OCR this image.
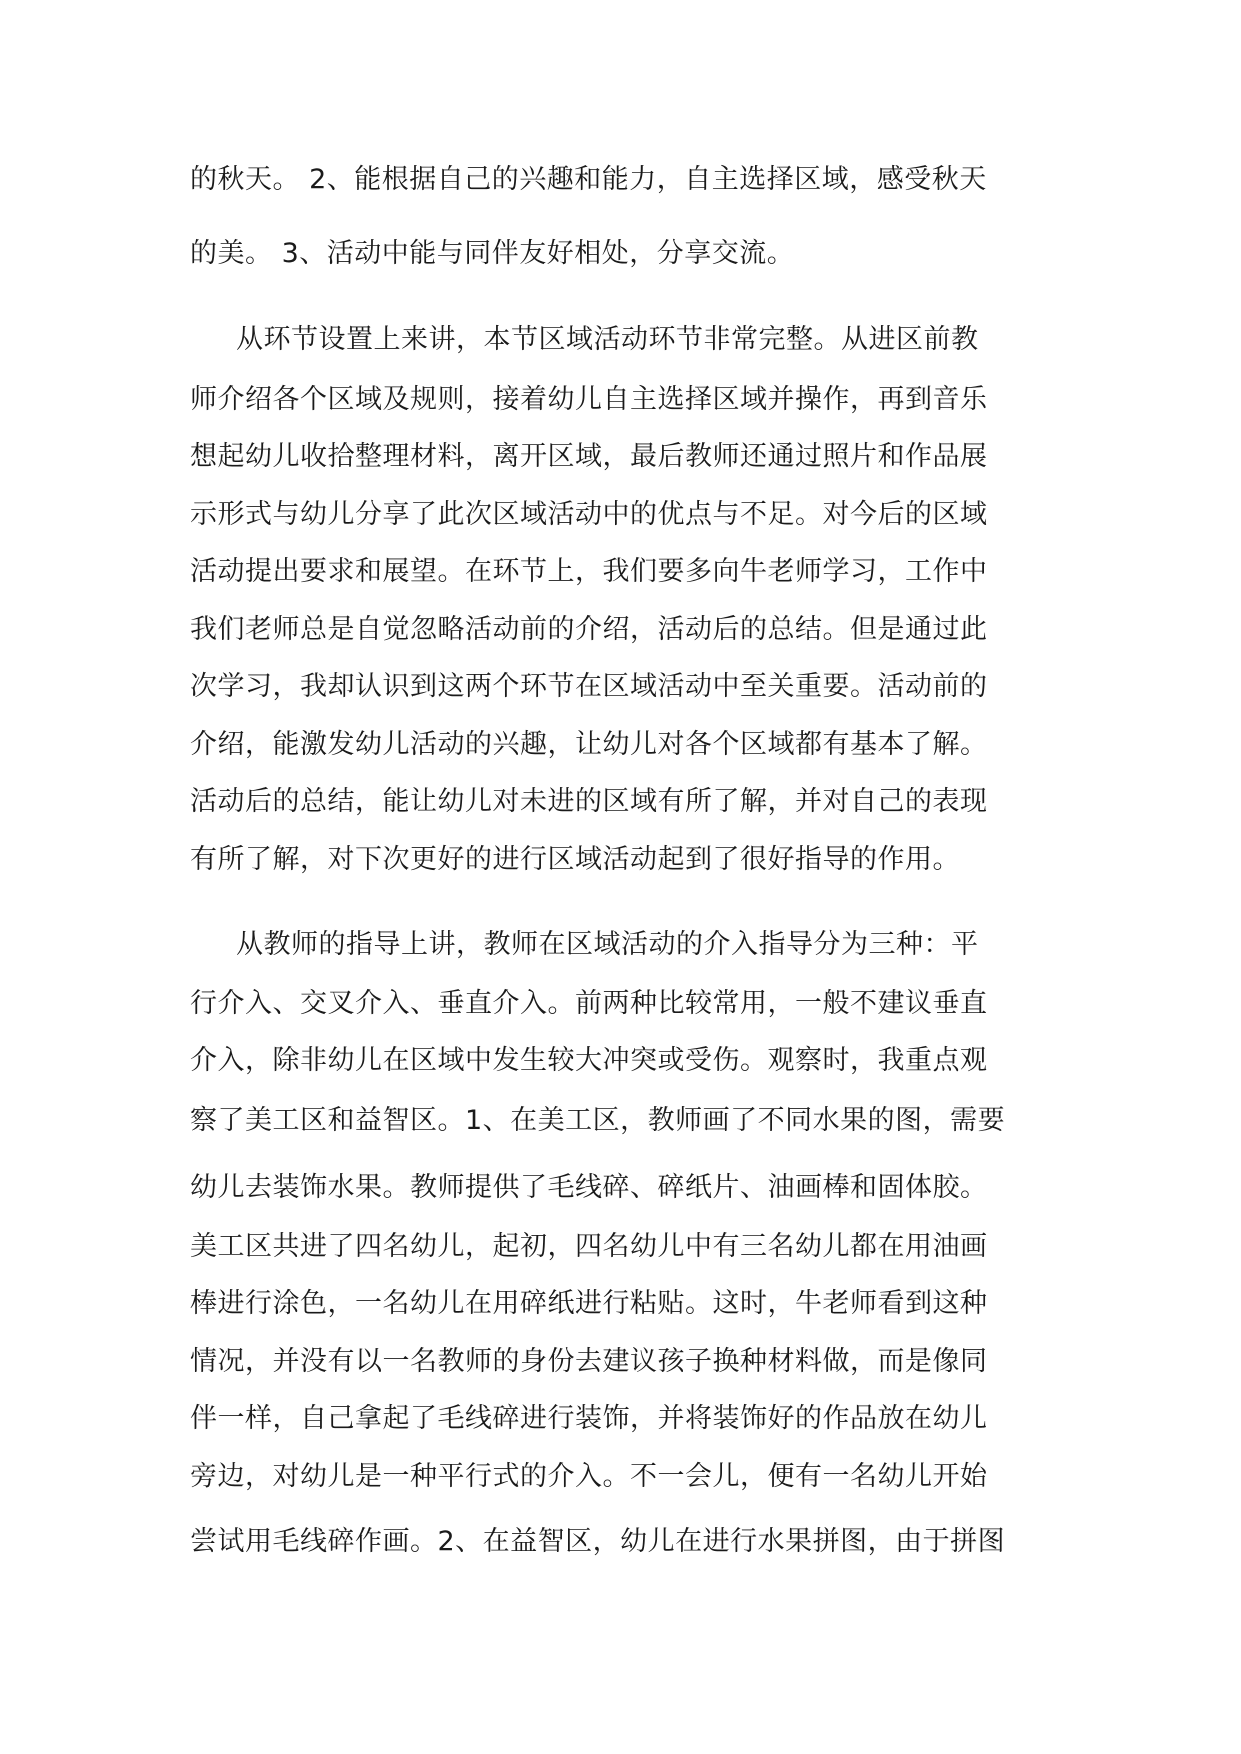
的秋天。 2、能根据自己的兴趣和能力，自主选择区域，感受秋天
的美。 3、活动中能与同伴友好相处，分享交流。
从环节设置上来讲，本节区域活动环节非常完整。从进区前教
师介绍各个区域及规则，接着幼儿自主选择区域并操作，再到音乐
想起幼儿收拾整理材料，离开区域，最后教师还通过照片和作品展
示形式与幼儿分享了此次区域活动中的优点与不足。对今后的区域
活动提出要求和展望。在环节上，我们要多向牛老师学习，工作中
我们老师总是自觉忽略活动前的介绍，活动后的总结。但是通过此
次学习，我却认识到这两个环节在区域活动中至关重要。活动前的
介绍，能激发幼儿活动的兴趣，让幼儿对各个区域都有基本了解。
活动后的总结，能让幼儿对未进的区域有所了解，并对自己的表现
有所了解，对下次更好的进行区域活动起到了很好指导的作用。
从教师的指导上讲，教师在区域活动的介入指导分为三种：平
行介入、交叉介入、垂直介入。前两种比较常用，一般不建议垂直
介入，除非幼儿在区域中发生较大冲突或受伤。观察时，我重点观
察了美工区和益智区。1、在美工区，教师画了不同水果的图，需要
幼儿去装饰水果。教师提供了毛线碎、碎纸片、油画棒和固体胶。
美工区共进了四名幼儿，起初，四名幼儿中有三名幼儿都在用油画
棒进行涂色，一名幼儿在用碎纸进行粘贴。这时，牛老师看到这种
情况，并没有以一名教师的身份去建议孩子换种材料做，而是像同
伴一样，自己拿起了毛线碎进行装饰，并将装饰好的作品放在幼儿
旁边，对幼儿是一种平行式的介入。不一会儿，便有一名幼儿开始
尝试用毛线碎作画。2、在益智区，幼儿在进行水果拼图，由于拼图
